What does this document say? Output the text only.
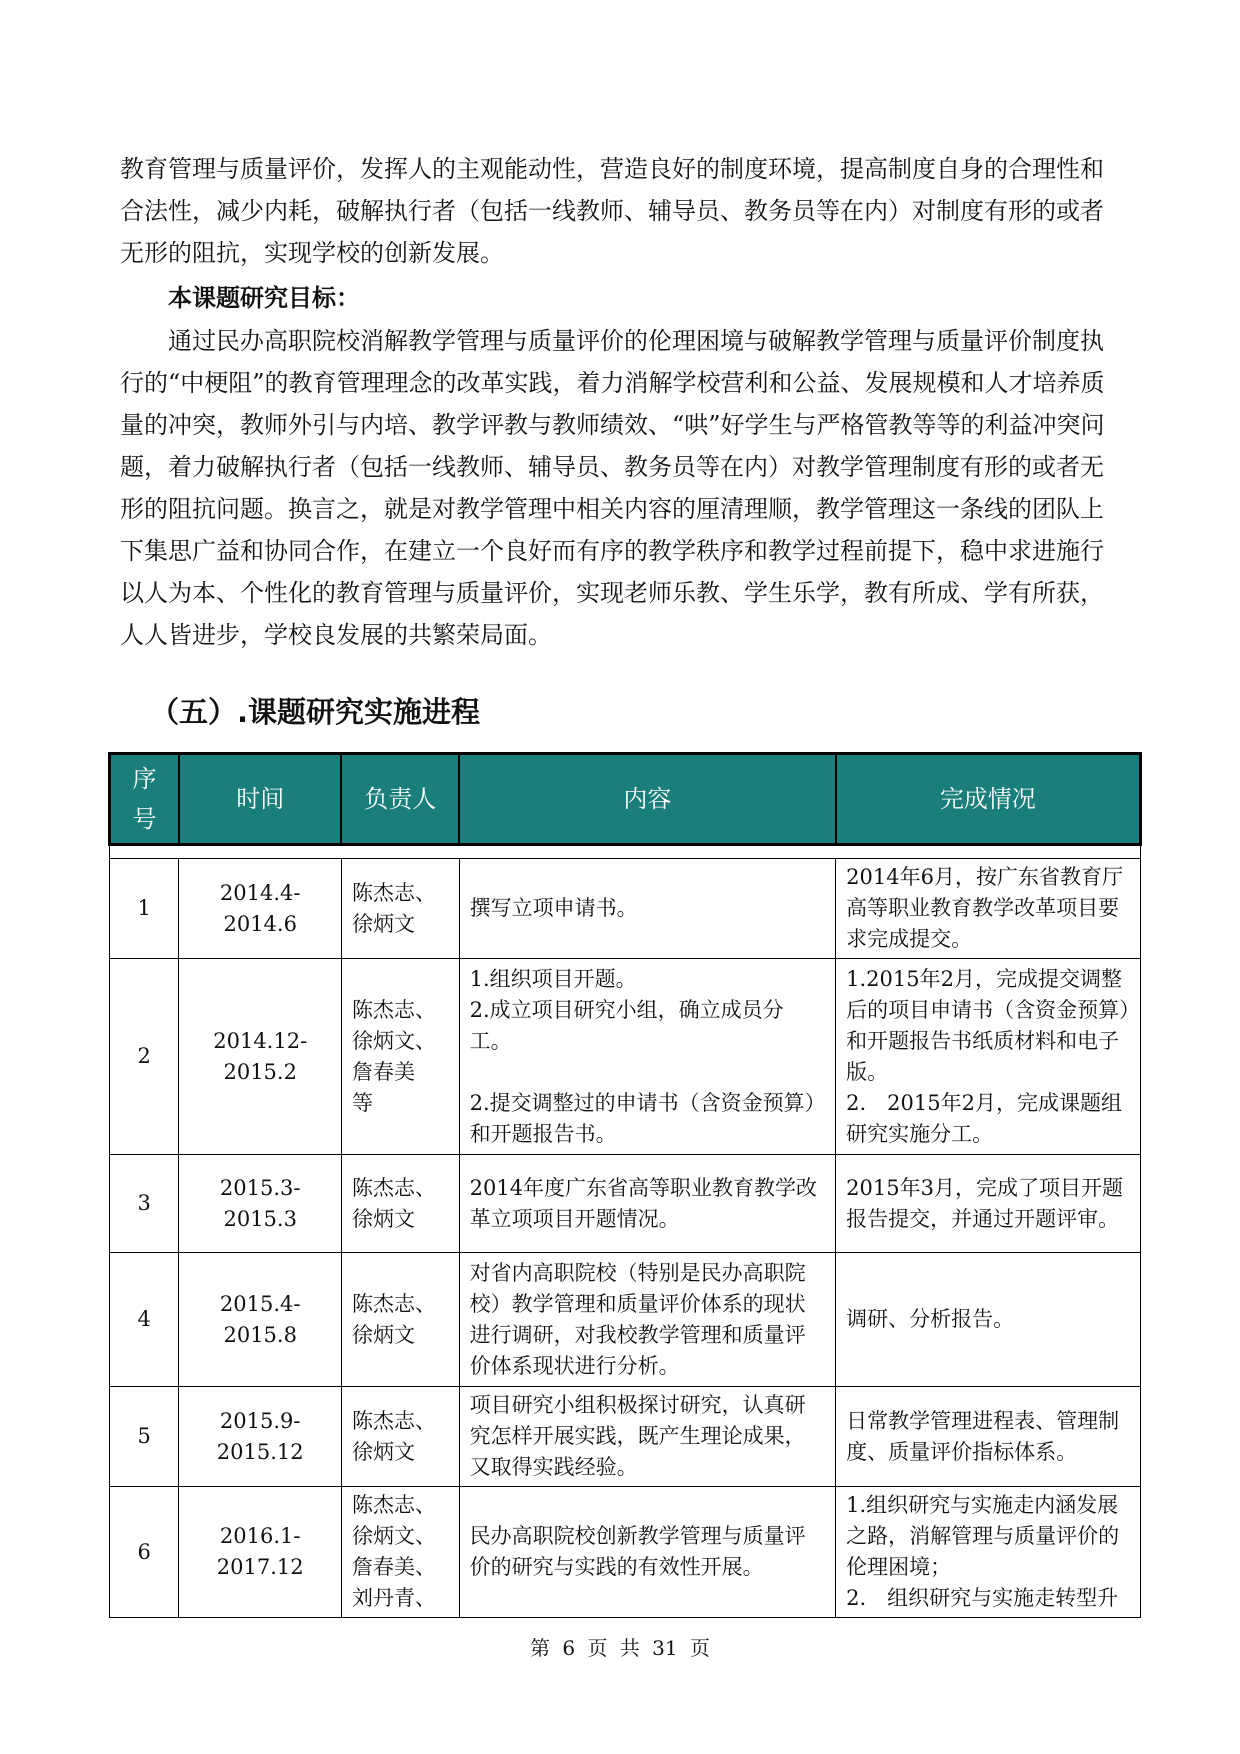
教育管理与质量评价，发挥人的主观能动性，营造良好的制度环境，提高制度自身的合理性和合法性，减少内耗，破解执行者（包括一线教师、辅导员、教务员等在内）对制度有形的或者无形的阻抗，实现学校的创新发展。
本课题研究目标：
通过民办高职院校消解教学管理与质量评价的伦理困境与破解教学管理与质量评价制度执行的“中梗阻”的教育管理理念的改革实践，着力消解学校营利和公益、发展规模和人才培养质量的冲突，教师外引与内培、教学评教与教师绩效、“哄”好学生与严格管教等等的利益冲突问题，着力破解执行者（包括一线教师、辅导员、教务员等在内）对教学管理制度有形的或者无形的阻抗问题。换言之，就是对教学管理中相关内容的厘清理顺，教学管理这一条线的团队上下集思广益和协同合作，在建立一个良好而有序的教学秩序和教学过程前提下，稳中求进施行以人为本、个性化的教育管理与质量评价，实现老师乐教、学生乐学，教有所成、学有所获，人人皆进步，学校良发展的共繁荣局面。
（五）.课题研究实施进程
序号	时间	负责人	内容	完成情况

1	2014.4-2014.6	陈杰志、
徐炳文	撰写立项申请书。	2014年6月，按广东省教育厅高等职业教育教学改革项目要求完成提交。
2	2014.12-2015.2	陈杰志、
徐炳文、
詹春美
等	1.组织项目开题。
2.成立项目研究小组，确立成员分工。

2.提交调整过的申请书（含资金预算）和开题报告书。	1.2015年2月，完成提交调整后的项目申请书（含资金预算）和开题报告书纸质材料和电子版。
2.　2015年2月，完成课题组研究实施分工。
3	2015.3-2015.3	陈杰志、
徐炳文	2014年度广东省高等职业教育教学改革立项项目开题情况。	2015年3月，完成了项目开题报告提交，并通过开题评审。
4	2015.4-2015.8	陈杰志、
徐炳文	对省内高职院校（特别是民办高职院校）教学管理和质量评价体系的现状进行调研，对我校教学管理和质量评价体系现状进行分析。	调研、分析报告。
5	2015.9-2015.12	陈杰志、
徐炳文	项目研究小组积极探讨研究，认真研究怎样开展实践，既产生理论成果，又取得实践经验。	日常教学管理进程表、管理制度、质量评价指标体系。
6	2016.1-2017.12	陈杰志、
徐炳文、
詹春美、
刘丹青、	民办高职院校创新教学管理与质量评价的研究与实践的有效性开展。	1.组织研究与实施走内涵发展之路，消解管理与质量评价的伦理困境；
2.　组织研究与实施走转型升
第 6 页 共 31 页
